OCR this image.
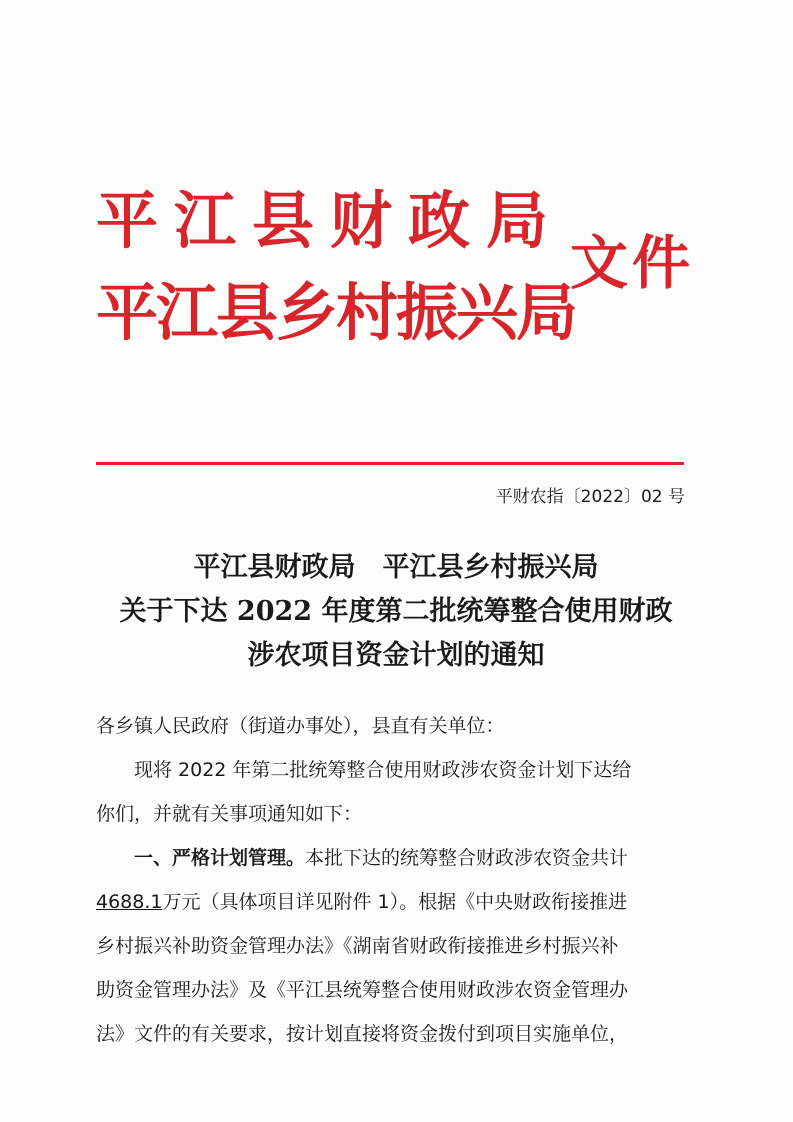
平江县财政局
平江县乡村振兴局
文件
平财农指〔2022〕02 号
平江县财政局　平江县乡村振兴局
关于下达 2022 年度第二批统筹整合使用财政
涉农项目资金计划的通知
各乡镇人民政府（街道办事处），县直有关单位：
现将 2022 年第二批统筹整合使用财政涉农资金计划下达给
你们，并就有关事项通知如下：
一、严格计划管理。本批下达的统筹整合财政涉农资金共计
4688.1万元（具体项目详见附件 1）。根据《中央财政衔接推进
乡村振兴补助资金管理办法》《湖南省财政衔接推进乡村振兴补
助资金管理办法》及《平江县统筹整合使用财政涉农资金管理办
法》文件的有关要求，按计划直接将资金拨付到项目实施单位，
